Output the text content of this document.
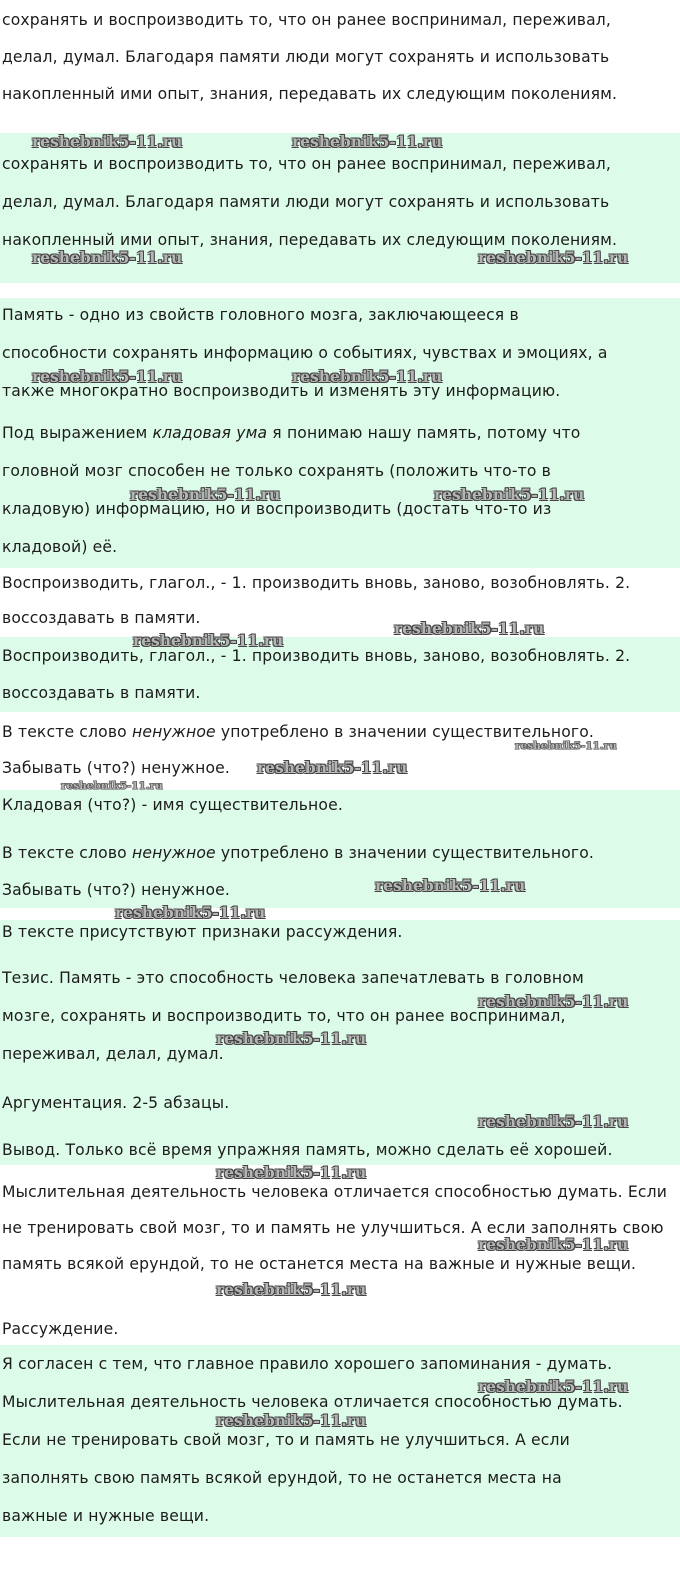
сохранять и воспроизводить то, что он ранее воспринимал, переживал,
делал, думал. Благодаря памяти люди могут сохранять и использовать
накопленный ими опыт, знания, передавать их следующим поколениям.
сохранять и воспроизводить то, что он ранее воспринимал, переживал,
делал, думал. Благодаря памяти люди могут сохранять и использовать
накопленный ими опыт, знания, передавать их следующим поколениям.
Память - одно из свойств головного мозга, заключающееся в
способности сохранять информацию о событиях, чувствах и эмоциях, а
также многократно воспроизводить и изменять эту информацию.
Под выражением кладовая ума я понимаю нашу память, потому что
головной мозг способен не только сохранять (положить что-то в
кладовую) информацию, но и воспроизводить (достать что-то из
кладовой) её.
Воспроизводить, глагол., - 1. производить вновь, заново, возобновлять. 2.
воссоздавать в памяти.
Воспроизводить, глагол., - 1. производить вновь, заново, возобновлять. 2.
воссоздавать в памяти.
В тексте слово ненужное употреблено в значении существительного.
Забывать (что?) ненужное.
Кладовая (что?) - имя существительное.
В тексте слово ненужное употреблено в значении существительного.
Забывать (что?) ненужное.
В тексте присутствуют признаки рассуждения.
Тезис. Память - это способность человека запечатлевать в головном
мозге, сохранять и воспроизводить то, что он ранее воспринимал,
переживал, делал, думал.
Аргументация. 2-5 абзацы.
Вывод. Только всё время упражняя память, можно сделать её хорошей.
Мыслительная деятельность человека отличается способностью думать. Если
не тренировать свой мозг, то и память не улучшиться. А если заполнять свою
память всякой ерундой, то не останется места на важные и нужные вещи.
Рассуждение.
Я согласен с тем, что главное правило хорошего запоминания - думать.
Мыслительная деятельность человека отличается способностью думать.
Если не тренировать свой мозг, то и память не улучшиться. А если
заполнять свою память всякой ерундой, то не останется места на
важные и нужные вещи.
reshebnik5-11.ru	reshebnik5-11.ru
reshebnik5-11.ru	reshebnik5-11.ru
reshebnik5-11.ru	reshebnik5-11.ru
reshebnik5-11.ru	reshebnik5-11.ru
reshebnik5-11.ru
reshebnik5-11.ru
reshebnik5-11.ru
reshebnik5-11.ru
reshebnik5-11.ru
reshebnik5-11.ru
reshebnik5-11.ru
reshebnik5-11.ru
reshebnik5-11.ru
reshebnik5-11.ru
reshebnik5-11.ru
reshebnik5-11.ru
reshebnik5-11.ru
reshebnik5-11.ru
reshebnik5-11.ru
